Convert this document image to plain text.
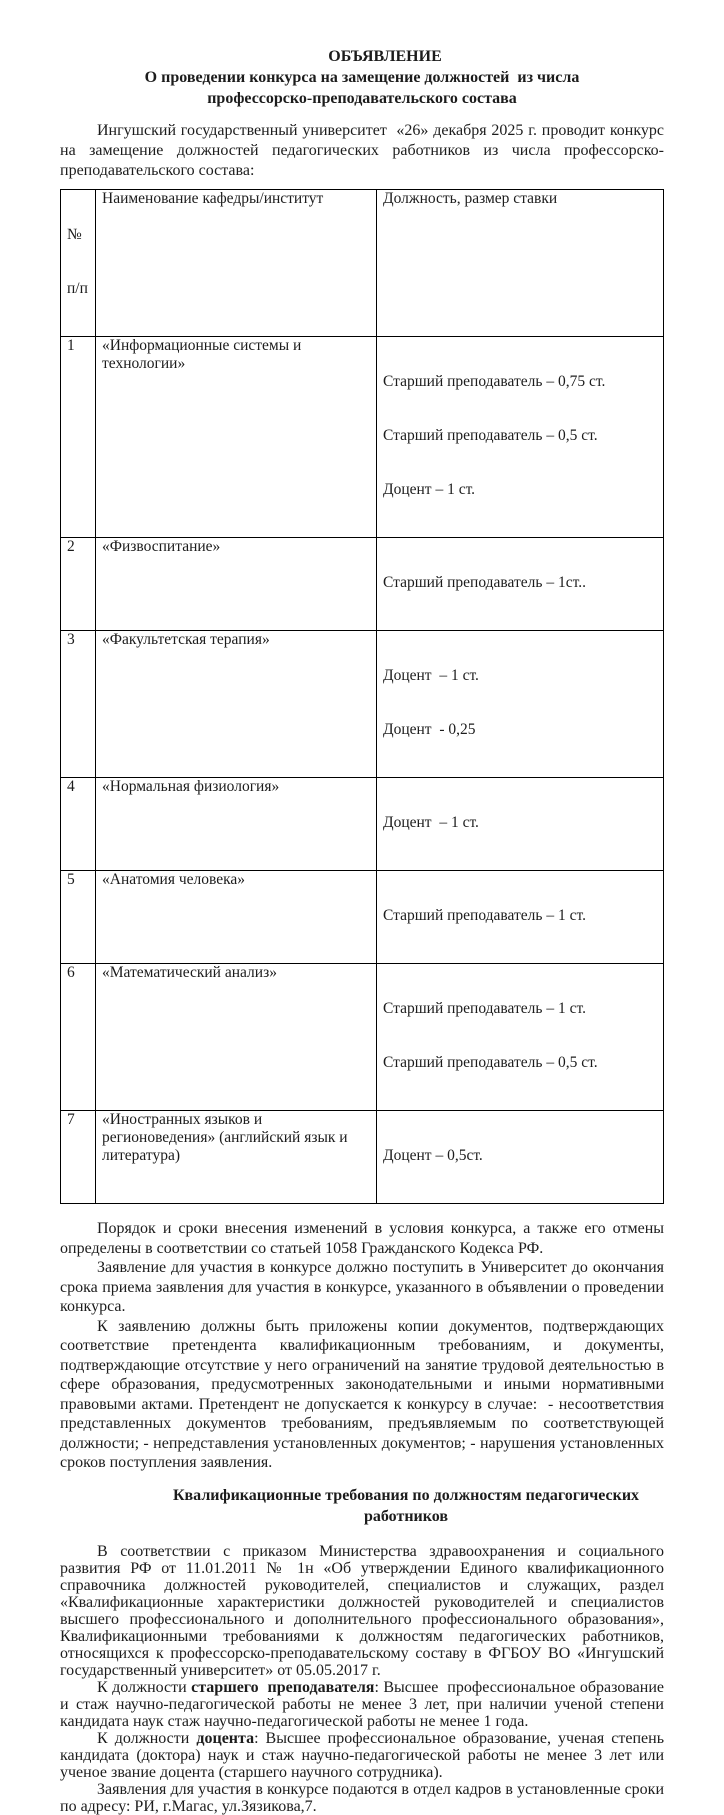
ОБЪЯВЛЕНИЕ
О проведении конкурса на замещение должностей  из числа
профессорско-преподавательского состава

Ингушский государственный университет  «26» декабря 2025 г. проводит конкурс на замещение должностей педагогических работников из числа профессорско-преподавательского состава:

№

п/п	Наименование кафедры/институт	Должность, размер ставки
1	«Информационные системы и технологии»	Старший преподаватель – 0,75 ст.

Старший преподаватель – 0,5 ст.

Доцент – 1 ст.

2	«Физвоспитание»	Старший преподаватель – 1ст..

3	«Факультетская терапия»	Доцент  – 1 ст.

Доцент  - 0,25

4	«Нормальная физиология»	Доцент  – 1 ст.

5	«Анатомия человека»	Старший преподаватель – 1 ст.

6	«Математический анализ»	Старший преподаватель – 1 ст.

Старший преподаватель – 0,5 ст.

7	«Иностранных языков и регионоведения» (английский язык и литература)	Доцент – 0,5ст.

Порядок и сроки внесения изменений в условия конкурса, а также его отмены определены в соответствии со статьей 1058 Гражданского Кодекса РФ.

Заявление для участия в конкурсе должно поступить в Университет до окончания срока приема заявления для участия в конкурсе, указанного в объявлении о проведении конкурса.

К заявлению должны быть приложены копии документов, подтверждающих соответствие претендента квалификационным требованиям, и документы, подтверждающие отсутствие у него ограничений на занятие трудовой деятельностью в сфере образования, предусмотренных законодательными и иными нормативными правовыми актами. Претендент не допускается к конкурсу в случае:  - несоответствия представленных документов требованиям, предъявляемым по соответствующей должности; - непредставления установленных документов; - нарушения установленных сроков поступления заявления.

Квалификационные требования по должностям педагогических работников

В соответствии с приказом Министерства здравоохранения и социального развития РФ от 11.01.2011 № 1н «Об утверждении Единого квалификационного справочника должностей руководителей, специалистов и служащих, раздел «Квалификационные характеристики должностей руководителей и специалистов высшего профессионального и дополнительного профессионального образования», Квалификационными требованиями к должностям педагогических работников, относящихся к профессорско-преподавательскому составу в ФГБОУ ВО «Ингушский государственный университет» от 05.05.2017 г.

К должности старшего  преподавателя: Высшее  профессиональное образование и стаж научно-педагогической работы не менее 3 лет, при наличии ученой степени кандидата наук стаж научно-педагогической работы не менее 1 года.

К должности доцента: Высшее профессиональное образование, ученая степень кандидата (доктора) наук и стаж научно-педагогической работы не менее 3 лет или ученое звание доцента (старшего научного сотрудника).

Заявления для участия в конкурсе подаются в отдел кадров в установленные сроки по адресу: РИ, г.Магас, ул.Зязикова,7.
